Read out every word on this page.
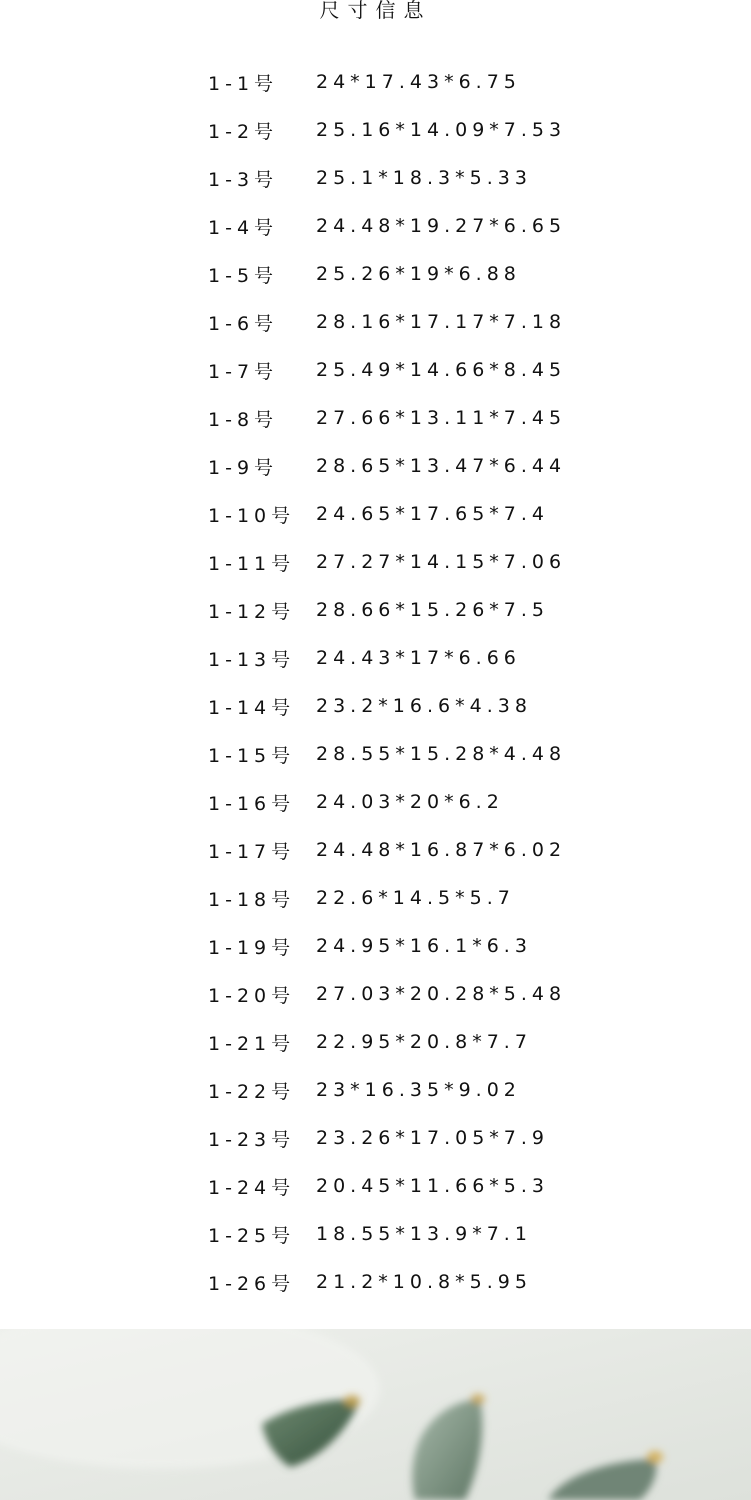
尺寸信息
1-1号	24*17.43*6.75
1-2号	25.16*14.09*7.53
1-3号	25.1*18.3*5.33
1-4号	24.48*19.27*6.65
1-5号	25.26*19*6.88
1-6号	28.16*17.17*7.18
1-7号	25.49*14.66*8.45
1-8号	27.66*13.11*7.45
1-9号	28.65*13.47*6.44
1-10号	24.65*17.65*7.4
1-11号	27.27*14.15*7.06
1-12号	28.66*15.26*7.5
1-13号	24.43*17*6.66
1-14号	23.2*16.6*4.38
1-15号	28.55*15.28*4.48
1-16号	24.03*20*6.2
1-17号	24.48*16.87*6.02
1-18号	22.6*14.5*5.7
1-19号	24.95*16.1*6.3
1-20号	27.03*20.28*5.48
1-21号	22.95*20.8*7.7
1-22号	23*16.35*9.02
1-23号	23.26*17.05*7.9
1-24号	20.45*11.66*5.3
1-25号	18.55*13.9*7.1
1-26号	21.2*10.8*5.95
